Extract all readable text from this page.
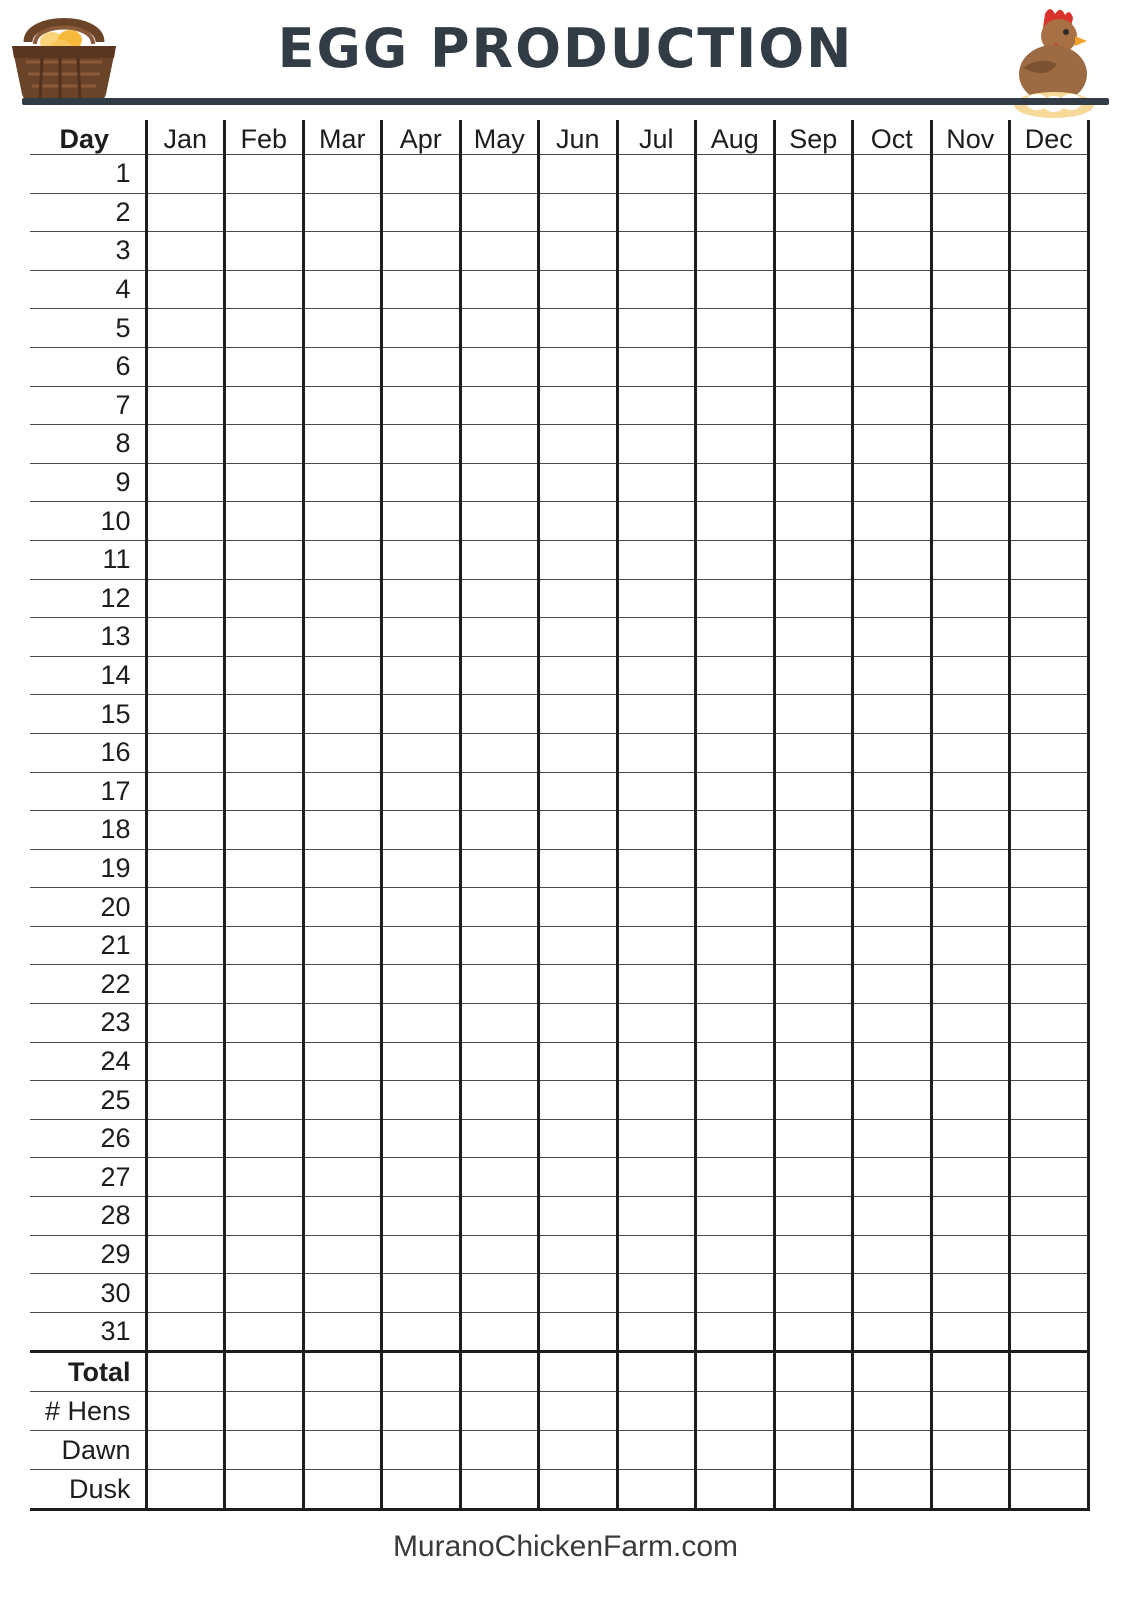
EGG PRODUCTION
Day	Jan	Feb	Mar	Apr	May	Jun	Jul	Aug	Sep	Oct	Nov	Dec
1												
2												
3												
4												
5												
6												
7												
8												
9												
10												
11												
12												
13												
14												
15												
16												
17												
18												
19												
20												
21												
22												
23												
24												
25												
26												
27												
28												
29												
30												
31												
Total												
# Hens												
Dawn												
Dusk												
MuranoChickenFarm.com
